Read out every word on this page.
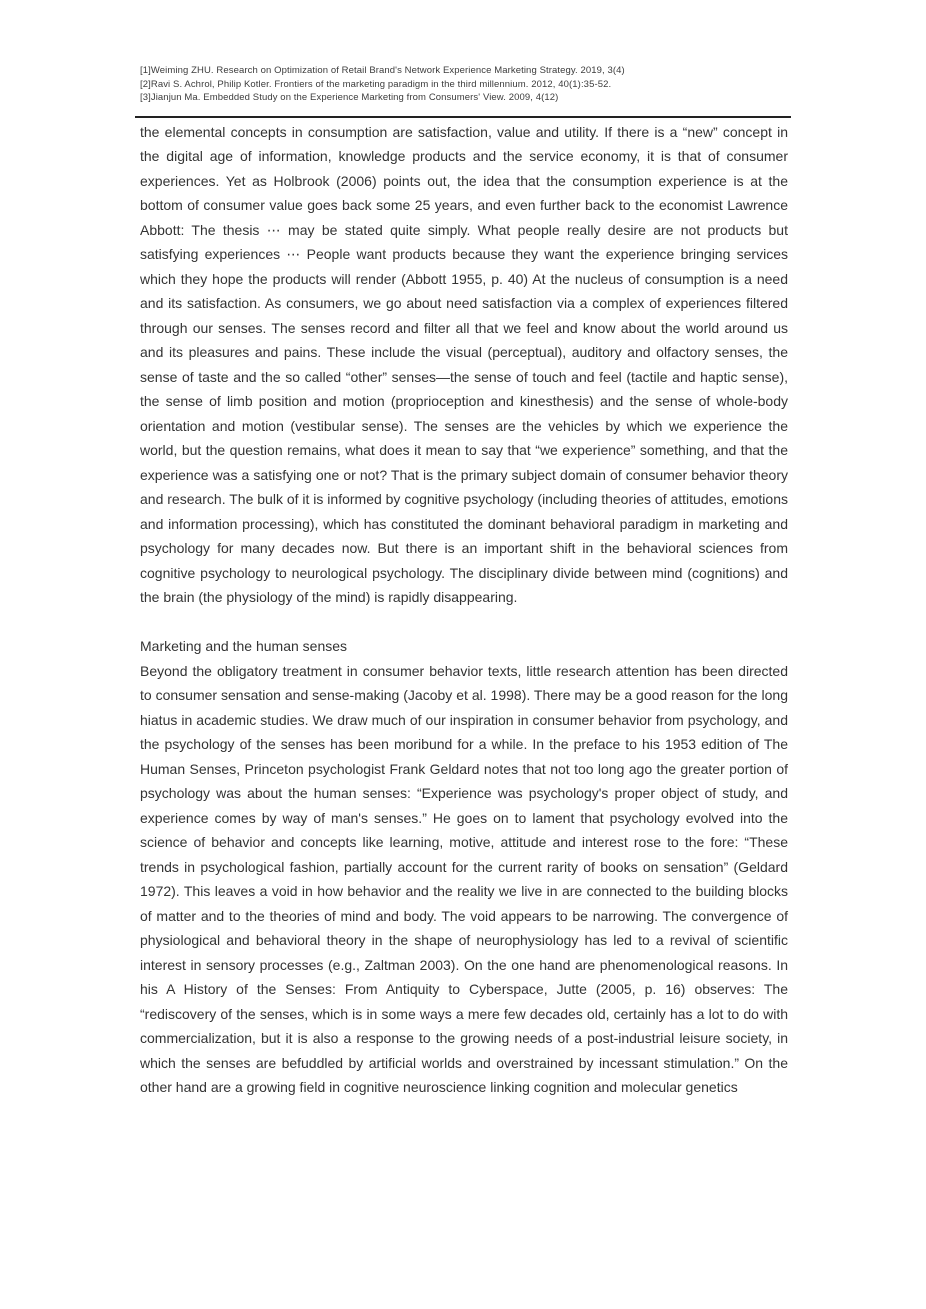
[1]Weiming ZHU. Research on Optimization of Retail Brand's Network Experience Marketing Strategy. 2019, 3(4)
[2]Ravi S. Achrol, Philip Kotler. Frontiers of the marketing paradigm in the third millennium. 2012, 40(1):35-52.
[3]Jianjun Ma. Embedded Study on the Experience Marketing from Consumers' View. 2009, 4(12)

the elemental concepts in consumption are satisfaction, value and utility. If there is a “new” concept in the digital age of information, knowledge products and the service economy, it is that of consumer experiences. Yet as Holbrook (2006) points out, the idea that the consumption experience is at the bottom of consumer value goes back some 25 years, and even further back to the economist Lawrence Abbott: The thesis ⋯ may be stated quite simply. What people really desire are not products but satisfying experiences ⋯ People want products because they want the experience bringing services which they hope the products will render (Abbott 1955, p. 40) At the nucleus of consumption is a need and its satisfaction. As consumers, we go about need satisfaction via a complex of experiences filtered through our senses. The senses record and filter all that we feel and know about the world around us and its pleasures and pains. These include the visual (perceptual), auditory and olfactory senses, the sense of taste and the so called “other” senses—the sense of touch and feel (tactile and haptic sense), the sense of limb position and motion (proprioception and kinesthesis) and the sense of whole-body orientation and motion (vestibular sense). The senses are the vehicles by which we experience the world, but the question remains, what does it mean to say that “we experience” something, and that the experience was a satisfying one or not? That is the primary subject domain of consumer behavior theory and research. The bulk of it is informed by cognitive psychology (including theories of attitudes, emotions and information processing), which has constituted the dominant behavioral paradigm in marketing and psychology for many decades now. But there is an important shift in the behavioral sciences from cognitive psychology to neurological psychology. The disciplinary divide between mind (cognitions) and the brain (the physiology of the mind) is rapidly disappearing.

Marketing and the human senses

Beyond the obligatory treatment in consumer behavior texts, little research attention has been directed to consumer sensation and sense-making (Jacoby et al. 1998). There may be a good reason for the long hiatus in academic studies. We draw much of our inspiration in consumer behavior from psychology, and the psychology of the senses has been moribund for a while. In the preface to his 1953 edition of The Human Senses, Princeton psychologist Frank Geldard notes that not too long ago the greater portion of psychology was about the human senses: “Experience was psychology's proper object of study, and experience comes by way of man's senses.” He goes on to lament that psychology evolved into the science of behavior and concepts like learning, motive, attitude and interest rose to the fore: “These trends in psychological fashion, partially account for the current rarity of books on sensation” (Geldard 1972). This leaves a void in how behavior and the reality we live in are connected to the building blocks of matter and to the theories of mind and body. The void appears to be narrowing. The convergence of physiological and behavioral theory in the shape of neurophysiology has led to a revival of scientific interest in sensory processes (e.g., Zaltman 2003). On the one hand are phenomenological reasons. In his A History of the Senses: From Antiquity to Cyberspace, Jutte (2005, p. 16) observes: The “rediscovery of the senses, which is in some ways a mere few decades old, certainly has a lot to do with commercialization, but it is also a response to the growing needs of a post-industrial leisure society, in which the senses are befuddled by artificial worlds and overstrained by incessant stimulation.” On the other hand are a growing field in cognitive neuroscience linking cognition and molecular genetics
